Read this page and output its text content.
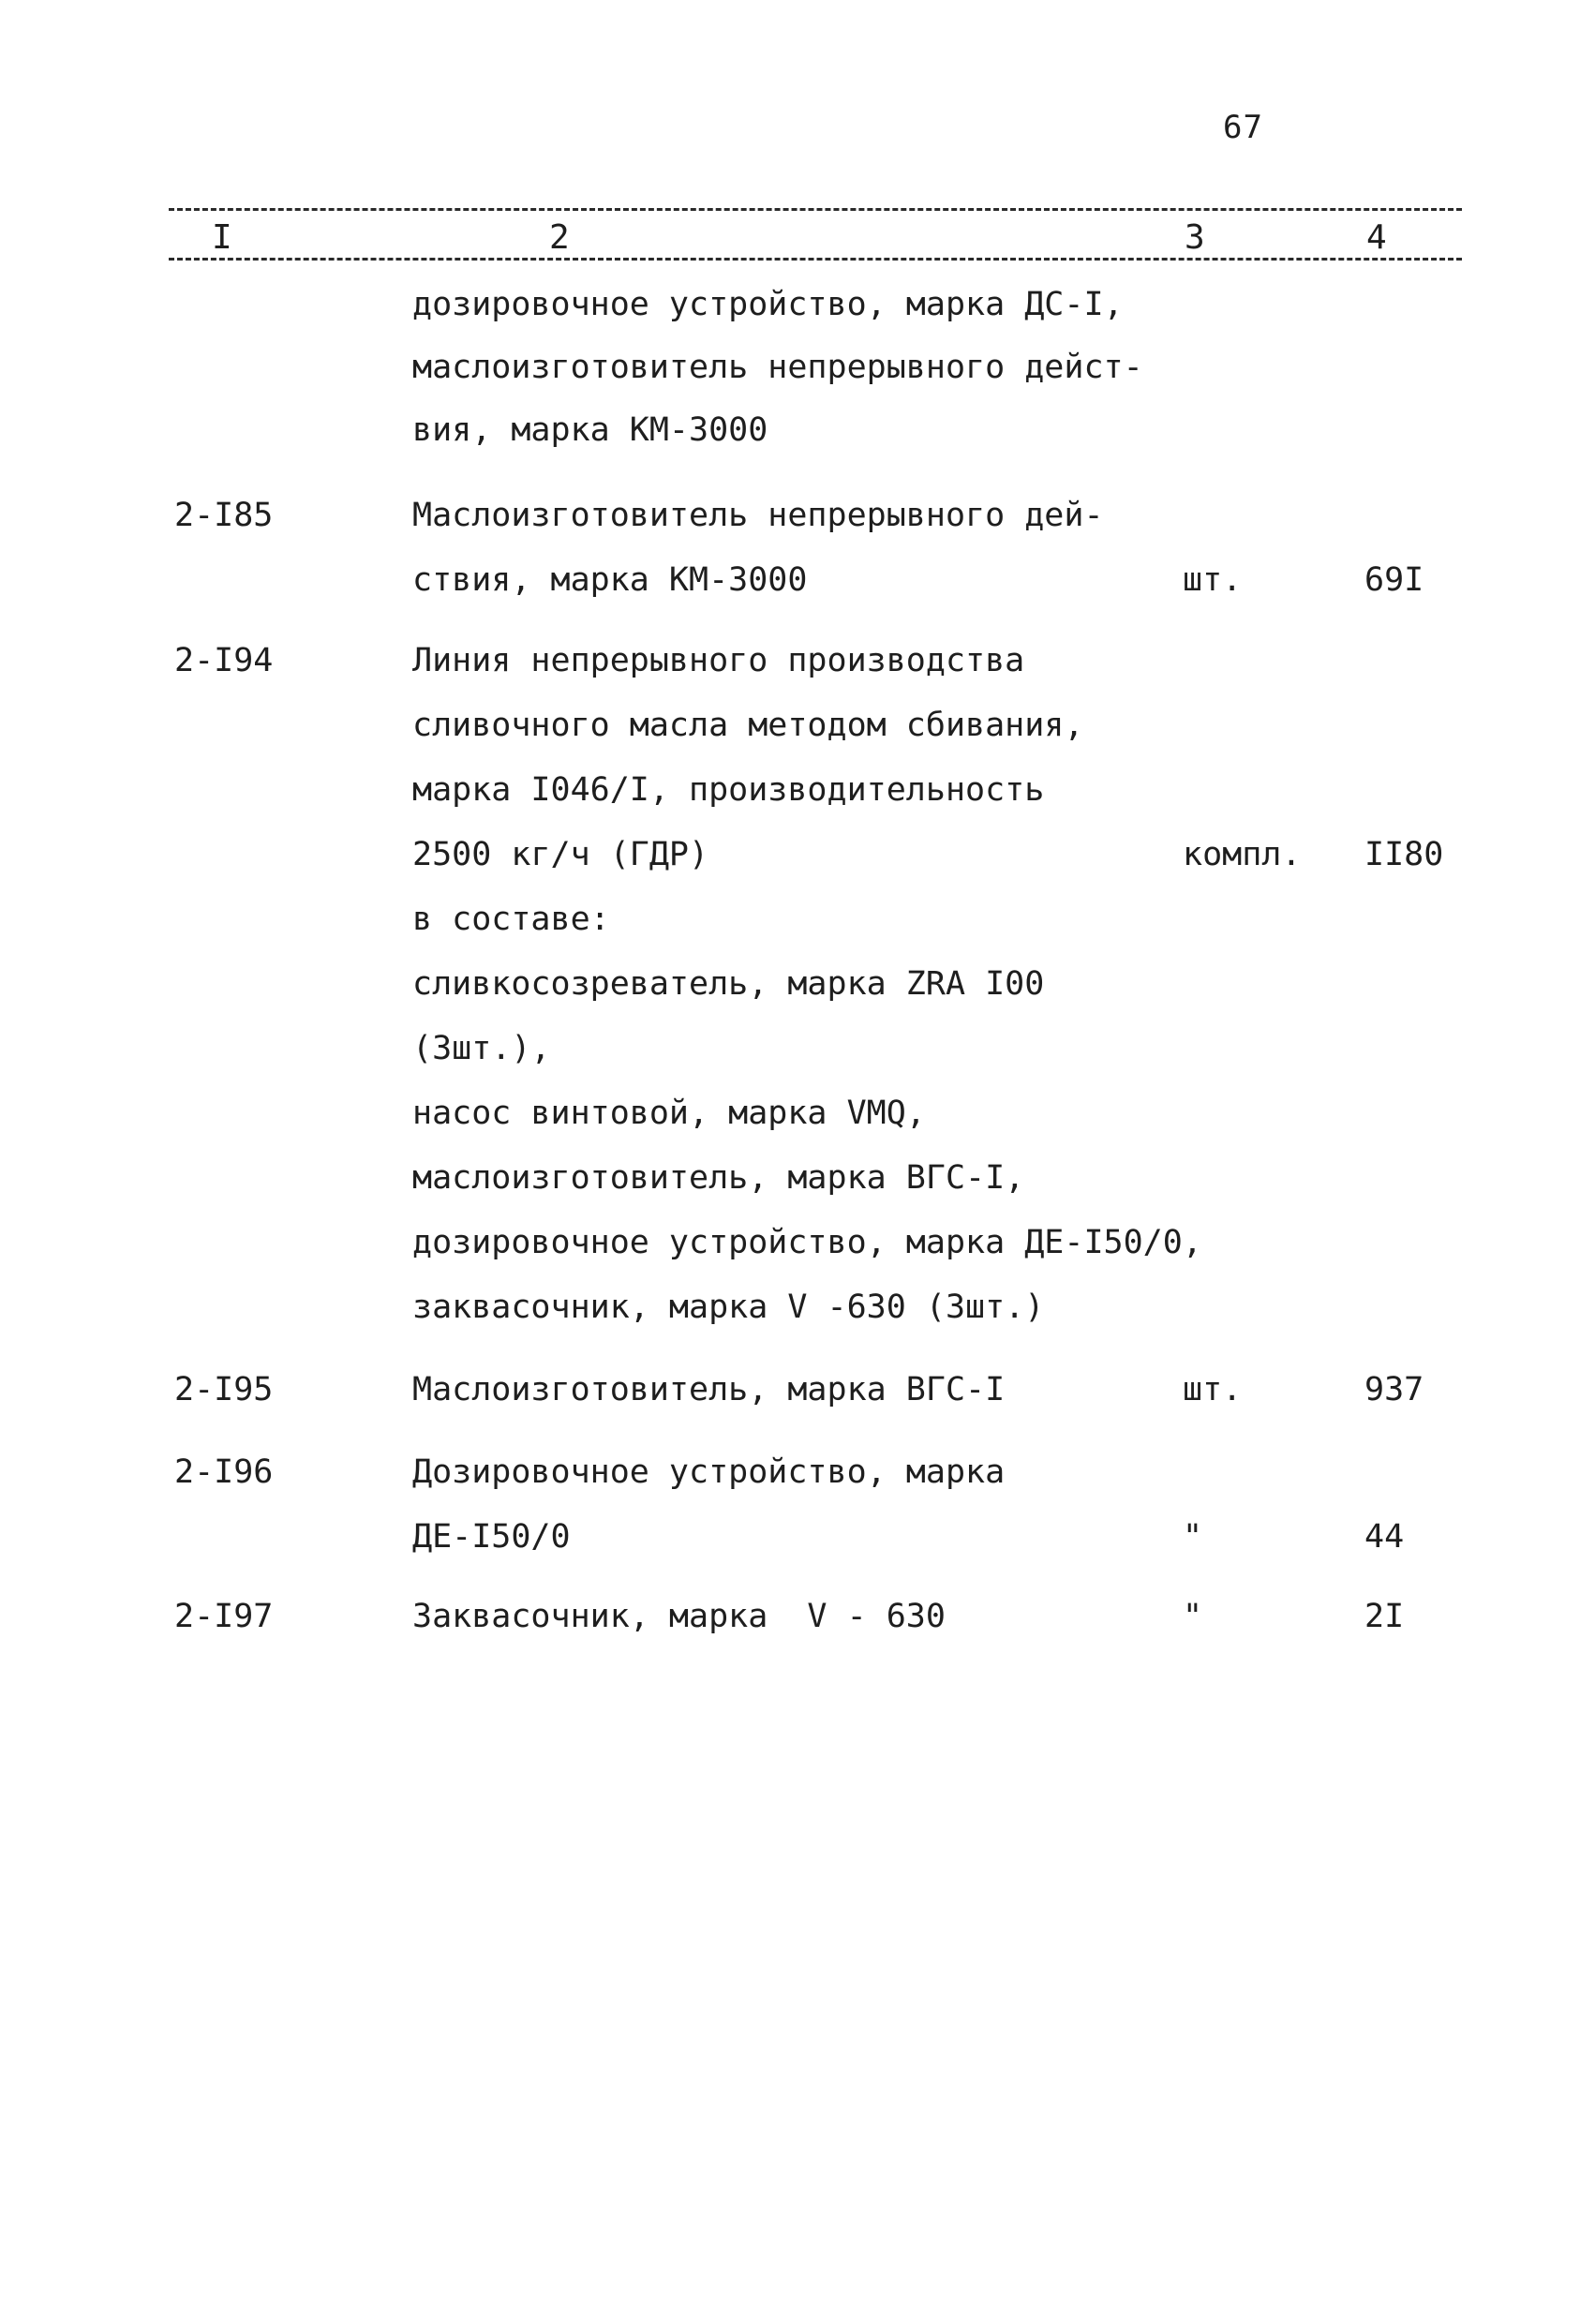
67
I	2	3	4
дозировочное устройство, марка ДС-I,
маслоизготовитель непрерывного дейст-
вия, марка КМ-3000
2-I85	Маслоизготовитель непрерывного дей-
ствия, марка КМ-3000	шт.	69I
2-I94	Линия непрерывного производства
сливочного масла методом сбивания,
марка I046/I, производительность
2500 кг/ч (ГДР)	компл. II80
в составе:
сливкосозреватель, марка ZRA I00
(3шт.),
насос винтовой, марка VMQ,
маслоизготовитель, марка ВГС-I,
дозировочное устройство, марка ДЕ-I50/0,
заквасочник, марка V -630 (3шт.)
2-I95	Маслоизготовитель, марка ВГС-I	шт.	937
2-I96	Дозировочное устройство, марка
ДЕ-I50/0	"	44
2-I97	Заквасочник, марка  V - 630	"	2I
